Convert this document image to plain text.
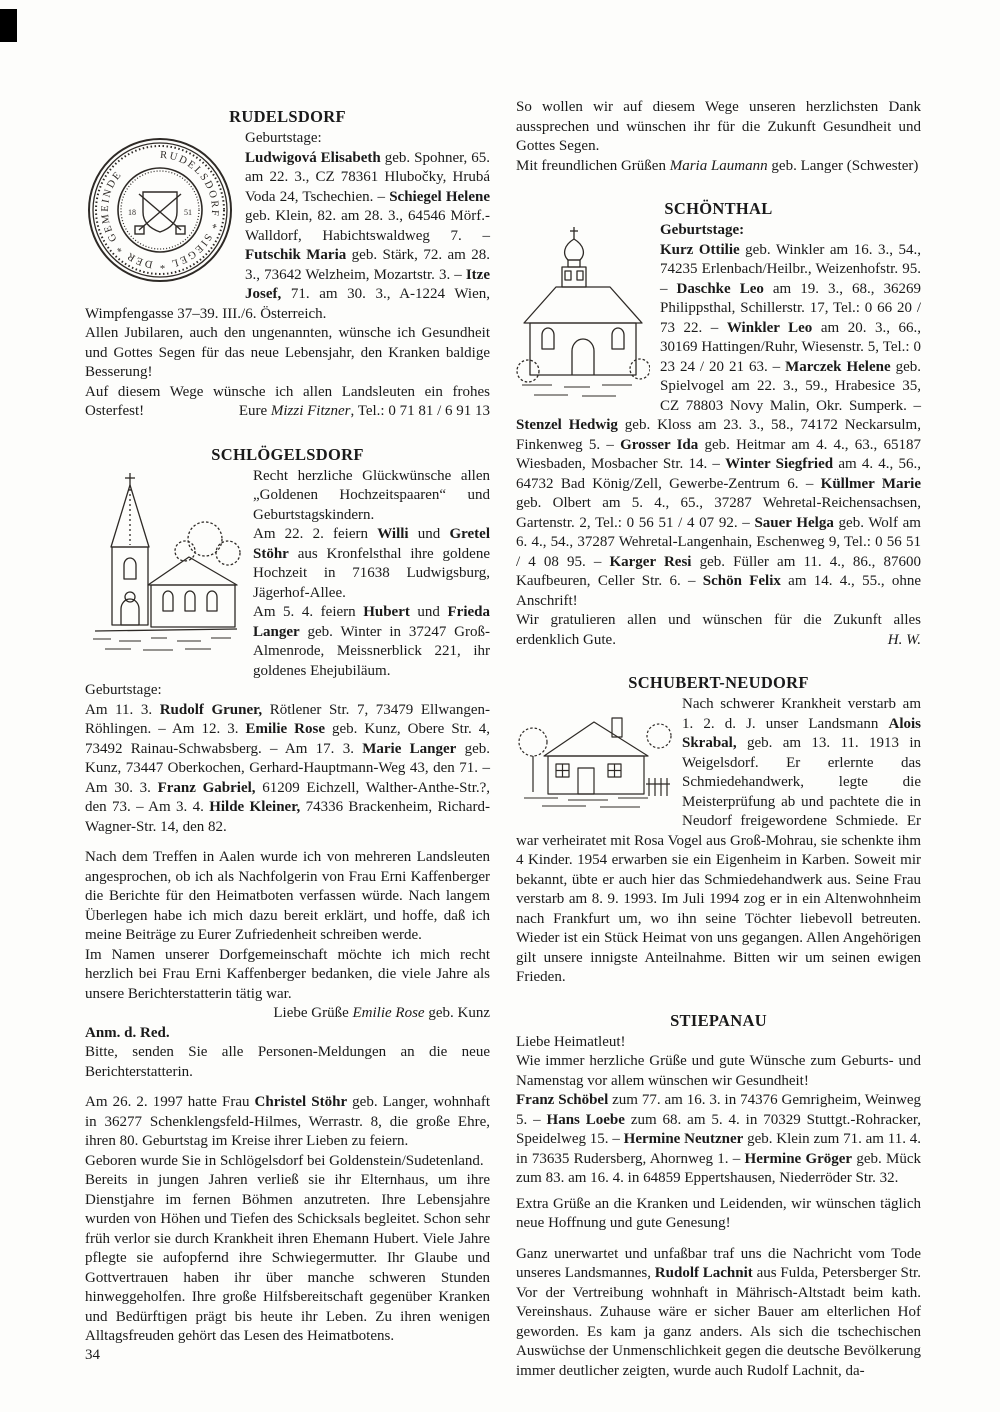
RUDELSDORF
RUDELSDORF * SIEGEL * DER * GEMEINDE
18	51

Geburtstage:

Ludwigová Elisabeth geb. Spohner, 65. am 22. 3., CZ 78361 Hlubočky, Hrubá Voda 24, Tschechien. – Schiegel Helene geb. Klein, 82. am 28. 3., 64546 Mörf.-Walldorf, Habichtswaldweg 7. – Futschik Maria geb. Stärk, 72. am 28. 3., 73642 Welzheim, Mozartstr. 3. – Itze Josef, 71. am 30. 3., A-1224 Wien, Wimpfengasse 37–39. III./6. Österreich.

Allen Jubilaren, auch den ungenannten, wünsche ich Gesundheit und Gottes Segen für das neue Lebensjahr, den Kranken baldige Besserung!

Auf diesem Wege wünsche ich allen Landsleuten ein frohes Osterfest!	Eure Mizzi Fitzner, Tel.: 0 71 81 / 6 91 13

SCHLÖGELSDORF

Recht herzliche Glückwünsche allen „Goldenen Hochzeitspaaren“ und Geburtstagskindern.

Am 22. 2. feiern Willi und Gretel Stöhr aus Kronfelsthal ihre goldene Hochzeit in 71638 Ludwigsburg, Jägerhof-Allee.

Am 5. 4. feiern Hubert und Frieda Langer geb. Winter in 37247 Groß-Almenrode, Meissnerblick 221, ihr goldenes Ehejubiläum.

Geburtstage:

Am 11. 3. Rudolf Gruner, Rötlener Str. 7, 73479 Ellwangen-Röhlingen. – Am 12. 3. Emilie Rose geb. Kunz, Obere Str. 4, 73492 Rainau-Schwabsberg. – Am 17. 3. Marie Langer geb. Kunz, 73447 Oberkochen, Gerhard-Hauptmann-Weg 43, den 71. – Am 30. 3. Franz Gabriel, 61209 Eichzell, Walther-Anthe-Str.?, den 73. – Am 3. 4. Hilde Kleiner, 74336 Brackenheim, Richard-Wagner-Str. 14, den 82.

Nach dem Treffen in Aalen wurde ich von mehreren Landsleuten angesprochen, ob ich als Nachfolgerin von Frau Erni Kaffenberger die Berichte für den Heimatboten verfassen würde. Nach langem Überlegen habe ich mich dazu bereit erklärt, und hoffe, daß ich meine Beiträge zu Eurer Zufriedenheit schreiben werde.

Im Namen unserer Dorfgemeinschaft möchte ich mich recht herzlich bei Frau Erni Kaffenberger bedanken, die viele Jahre als unsere Berichterstatterin tätig war.

Liebe Grüße Emilie Rose geb. Kunz

Anm. d. Red.

Bitte, senden Sie alle Personen-Meldungen an die neue Berichterstatterin.

Am 26. 2. 1997 hatte Frau Christel Stöhr geb. Langer, wohnhaft in 36277 Schenklengsfeld-Hilmes, Werrastr. 8, die große Ehre, ihren 80. Geburtstag im Kreise ihrer Lieben zu feiern.

Geboren wurde Sie in Schlögelsdorf bei Goldenstein/Sudetenland.

Bereits in jungen Jahren verließ sie ihr Elternhaus, um ihre Dienstjahre im fernen Böhmen anzutreten. Ihre Lebensjahre wurden von Höhen und Tiefen des Schicksals begleitet. Schon sehr früh verlor sie durch Krankheit ihren Ehemann Hubert. Viele Jahre pflegte sie aufopfernd ihre Schwiegermutter. Ihr Glaube und Gottvertrauen haben ihr über manche schweren Stunden hinweggeholfen. Ihre große Hilfsbereitschaft gegenüber Kranken und Bedürftigen prägt bis heute ihr Leben. Zu ihren wenigen Alltagsfreuden gehört das Lesen des Heimatbotens.

So wollen wir auf diesem Wege unseren herzlichsten Dank aussprechen und wünschen ihr für die Zukunft Gesundheit und Gottes Segen.

Mit freundlichen Grüßen Maria Laumann geb. Langer (Schwester)

SCHÖNTHAL

Geburtstage:

Kurz Ottilie geb. Winkler am 16. 3., 54., 74235 Erlenbach/Heilbr., Weizenhofstr. 95. – Daschke Leo am 19. 3., 68., 36269 Philippsthal, Schillerstr. 17, Tel.: 0 66 20 / 73 22. – Winkler Leo am 20. 3., 66., 30169 Hattingen/Ruhr, Wiesenstr. 5, Tel.: 0 23 24 / 20 21 63. – Marczek Helene geb. Spielvogel am 22. 3., 59., Hrabesice 35, CZ 78803 Novy Malin, Okr. Sumperk. – Stenzel Hedwig geb. Kloss am 23. 3., 58., 74172 Neckarsulm, Finkenweg 5. – Grosser Ida geb. Heitmar am 4. 4., 63., 65187 Wiesbaden, Mosbacher Str. 14. – Winter Siegfried am 4. 4., 56., 64732 Bad König/Zell, Gewerbe-Zentrum 6. – Küllmer Marie geb. Olbert am 5. 4., 65., 37287 Wehretal-Reichensachsen, Gartenstr. 2, Tel.: 0 56 51 / 4 07 92. – Sauer Helga geb. Wolf am 6. 4., 54., 37287 Wehretal-Langenhain, Eschenweg 9, Tel.: 0 56 51 / 4 08 95. – Karger Resi geb. Füller am 11. 4., 86., 87600 Kaufbeuren, Celler Str. 6. – Schön Felix am 14. 4., 55., ohne Anschrift!

Wir gratulieren allen und wünschen für die Zukunft alles erdenklich Gute.	H. W.

SCHUBERT-NEUDORF

Nach schwerer Krankheit verstarb am 1. 2. d. J. unser Landsmann Alois Skrabal, geb. am 13. 11. 1913 in Weigelsdorf. Er erlernte das Schmiedehandwerk, legte die Meisterprüfung ab und pachtete die in Neudorf freigewordene Schmiede. Er war verheiratet mit Rosa Vogel aus Groß-Mohrau, sie schenkte ihm 4 Kinder. 1954 erwarben sie ein Eigenheim in Karben. Soweit mir bekannt, übte er auch hier das Schmiedehandwerk aus. Seine Frau verstarb am 8. 9. 1993. Im Juli 1994 zog er in ein Altenwohnheim nach Frankfurt um, wo ihn seine Töchter liebevoll betreuten. Wieder ist ein Stück Heimat von uns gegangen. Allen Angehörigen gilt unsere innigste Anteilnahme. Bitten wir um seinen ewigen Frieden.

STIEPANAU

Liebe Heimatleut!

Wie immer herzliche Grüße und gute Wünsche zum Geburts- und Namenstag vor allem wünschen wir Gesundheit!

Franz Schöbel zum 77. am 16. 3. in 74376 Gemrigheim, Weinweg 5. – Hans Loebe zum 68. am 5. 4. in 70329 Stuttgt.-Rohracker, Speidelweg 15. – Hermine Neutzner geb. Klein zum 71. am 11. 4. in 73635 Rudersberg, Ahornweg 1. – Hermine Gröger geb. Mück zum 83. am 16. 4. in 64859 Eppertshausen, Niederröder Str. 32.

Extra Grüße an die Kranken und Leidenden, wir wünschen täglich neue Hoffnung und gute Genesung!

Ganz unerwartet und unfaßbar traf uns die Nachricht vom Tode unseres Landsmannes, Rudolf Lachnit aus Fulda, Petersberger Str. Vor der Vertreibung wohnhaft in Mährisch-Altstadt beim kath. Vereinshaus. Zuhause wäre er sicher Bauer am elterlichen Hof geworden. Es kam ja ganz anders. Als sich die tschechischen Auswüchse der Unmenschlichkeit gegen die deutsche Bevölkerung immer deutlicher zeigten, wurde auch Rudolf Lachnit, da-

34
